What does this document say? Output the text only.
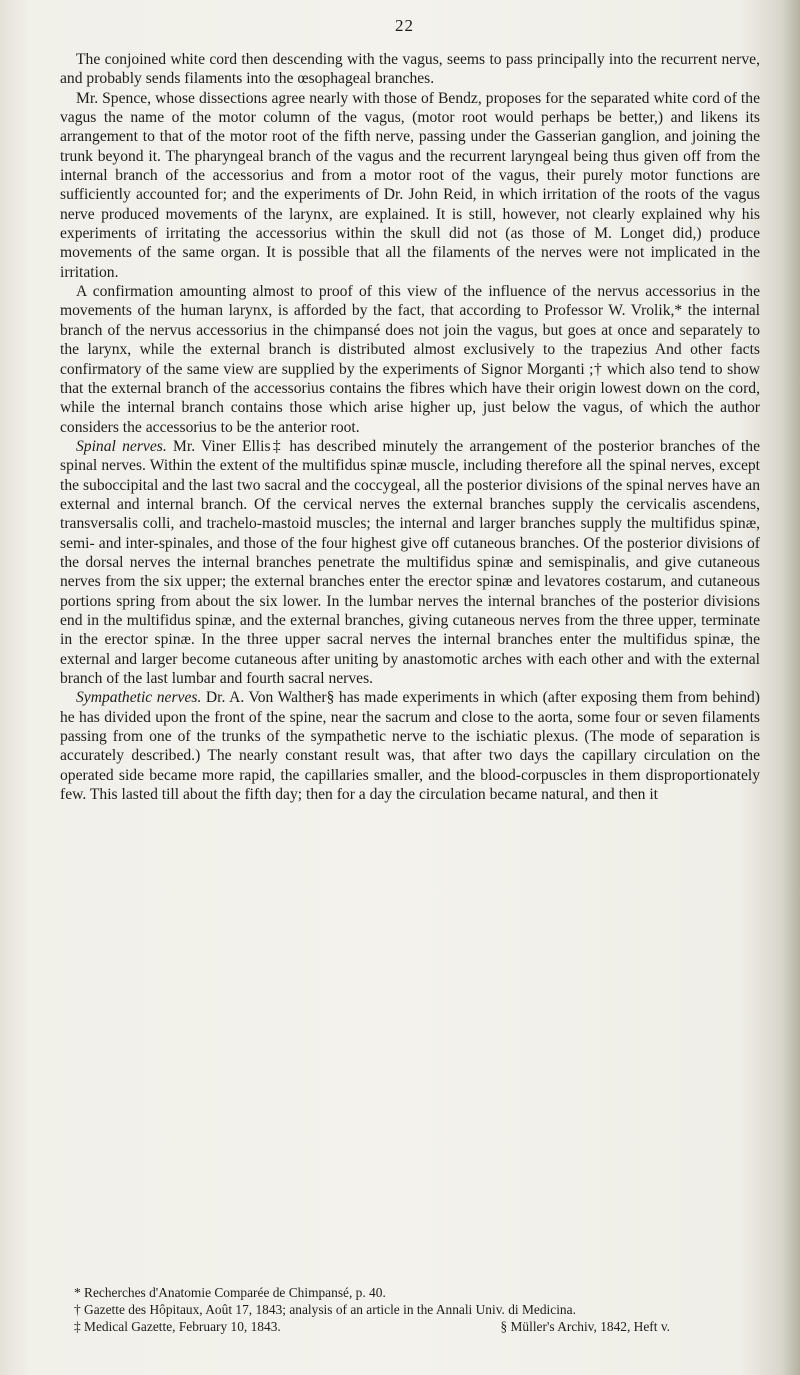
22

The conjoined white cord then descending with the vagus, seems to pass principally into the recurrent nerve, and probably sends filaments into the œsophageal branches.

Mr. Spence, whose dissections agree nearly with those of Bendz, proposes for the separated white cord of the vagus the name of the motor column of the vagus, (motor root would perhaps be better,) and likens its arrangement to that of the motor root of the fifth nerve, passing under the Gasserian ganglion, and joining the trunk beyond it. The pharyngeal branch of the vagus and the recurrent laryngeal being thus given off from the internal branch of the accessorius and from a motor root of the vagus, their purely motor functions are sufficiently accounted for; and the experiments of Dr. John Reid, in which irritation of the roots of the vagus nerve produced movements of the larynx, are explained. It is still, however, not clearly explained why his experiments of irritating the accessorius within the skull did not (as those of M. Longet did,) produce movements of the same organ. It is possible that all the filaments of the nerves were not implicated in the irritation.

A confirmation amounting almost to proof of this view of the influence of the nervus accessorius in the movements of the human larynx, is afforded by the fact, that according to Professor W. Vrolik,* the internal branch of the nervus accessorius in the chimpansé does not join the vagus, but goes at once and separately to the larynx, while the external branch is distributed almost exclusively to the trapezius And other facts confirmatory of the same view are supplied by the experiments of Signor Morganti ;† which also tend to show that the external branch of the accessorius contains the fibres which have their origin lowest down on the cord, while the internal branch contains those which arise higher up, just below the vagus, of which the author considers the accessorius to be the anterior root.

Spinal nerves. Mr. Viner Ellis‡ has described minutely the arrangement of the posterior branches of the spinal nerves. Within the extent of the multifidus spinæ muscle, including therefore all the spinal nerves, except the suboccipital and the last two sacral and the coccygeal, all the posterior divisions of the spinal nerves have an external and internal branch. Of the cervical nerves the external branches supply the cervicalis ascendens, transversalis colli, and trachelo-mastoid muscles; the internal and larger branches supply the multifidus spinæ, semi- and inter-spinales, and those of the four highest give off cutaneous branches. Of the posterior divisions of the dorsal nerves the internal branches penetrate the multifidus spinæ and semispinalis, and give cutaneous nerves from the six upper; the external branches enter the erector spinæ and levatores costarum, and cutaneous portions spring from about the six lower. In the lumbar nerves the internal branches of the posterior divisions end in the multifidus spinæ, and the external branches, giving cutaneous nerves from the three upper, terminate in the erector spinæ. In the three upper sacral nerves the internal branches enter the multifidus spinæ, the external and larger become cutaneous after uniting by anastomotic arches with each other and with the external branch of the last lumbar and fourth sacral nerves.

Sympathetic nerves. Dr. A. Von Walther§ has made experiments in which (after exposing them from behind) he has divided upon the front of the spine, near the sacrum and close to the aorta, some four or seven filaments passing from one of the trunks of the sympathetic nerve to the ischiatic plexus. (The mode of separation is accurately described.) The nearly constant result was, that after two days the capillary circulation on the operated side became more rapid, the capillaries smaller, and the blood-corpuscles in them disproportionately few. This lasted till about the fifth day; then for a day the circulation became natural, and then it

* Recherches d'Anatomie Comparée de Chimpansé, p. 40.
† Gazette des Hôpitaux, Août 17, 1843; analysis of an article in the Annali Univ. di Medicina.
‡ Medical Gazette, February 10, 1843.	§ Müller's Archiv, 1842, Heft v.
